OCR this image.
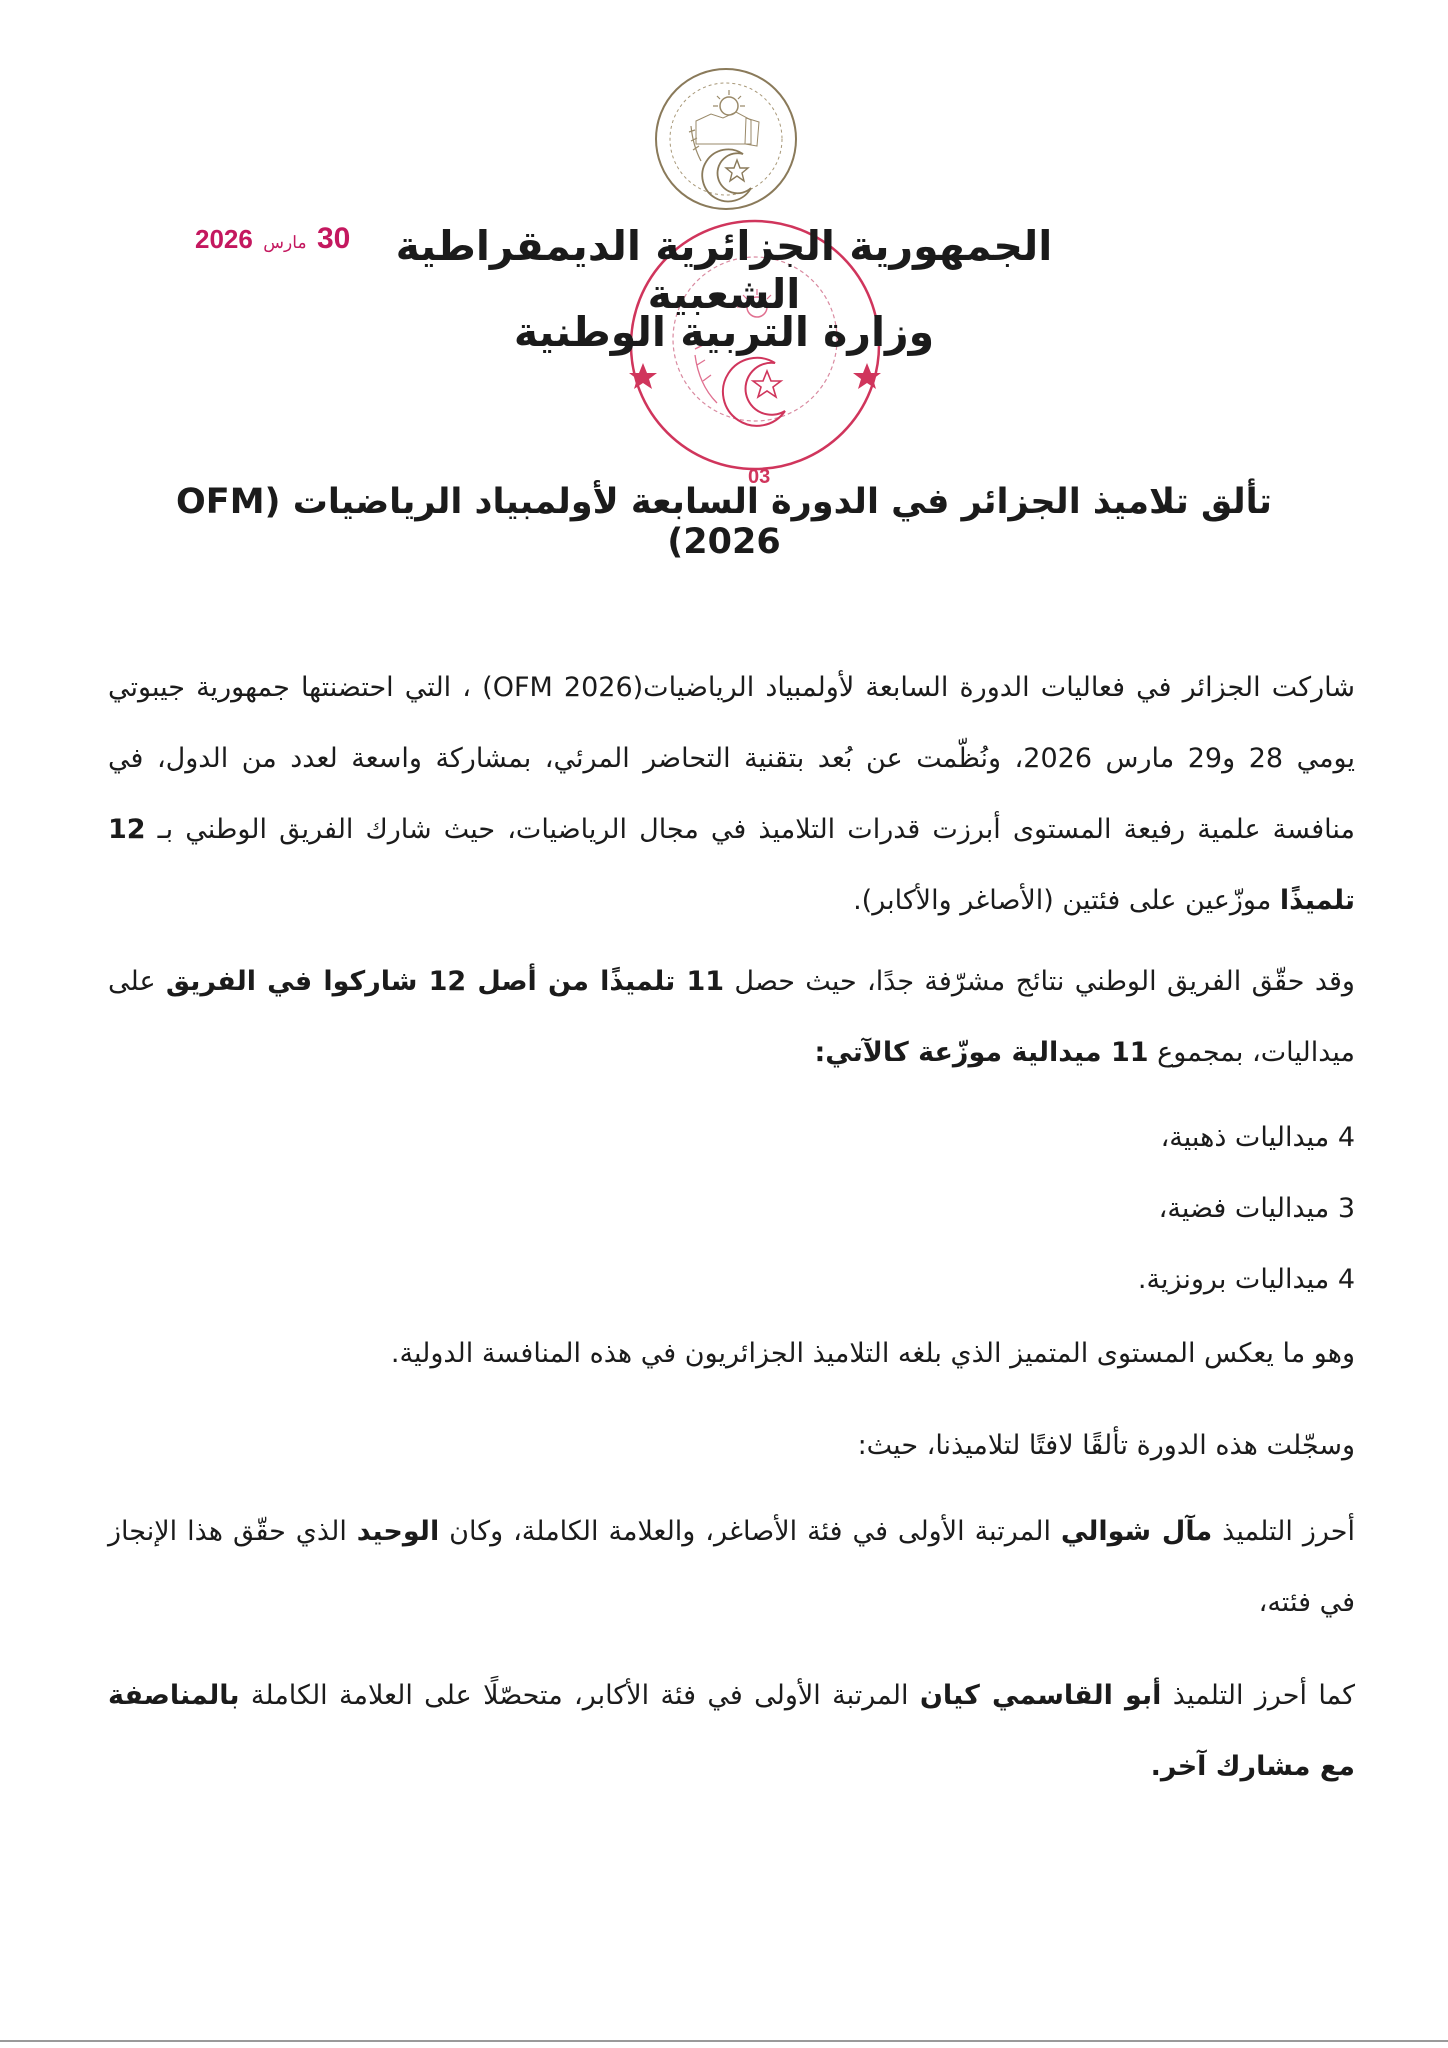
30 مارس 2026
03
الجمهورية الجزائرية الديمقراطية الشعبية
وزارة التربية الوطنية
تألق تلاميذ الجزائر في الدورة السابعة لأولمبياد الرياضيات (OFM 2026)
شاركت الجزائر في فعاليات الدورة السابعة لأولمبياد الرياضيات(OFM 2026) ، التي احتضنتها جمهورية جيبوتي يومي 28 و29 مارس 2026، ونُظّمت عن بُعد بتقنية التحاضر المرئي، بمشاركة واسعة لعدد من الدول، في منافسة علمية رفيعة المستوى أبرزت قدرات التلاميذ في مجال الرياضيات، حيث شارك الفريق الوطني بـ 12 تلميذًا موزّعين على فئتين (الأصاغر والأكابر).
وقد حقّق الفريق الوطني نتائج مشرّفة جدًا، حيث حصل 11 تلميذًا من أصل 12 شاركوا في الفريق على ميداليات، بمجموع 11 ميدالية موزّعة كالآتي:
4 ميداليات ذهبية،
3 ميداليات فضية،
4 ميداليات برونزية.
وهو ما يعكس المستوى المتميز الذي بلغه التلاميذ الجزائريون في هذه المنافسة الدولية.
وسجّلت هذه الدورة تألقًا لافتًا لتلاميذنا، حيث:
أحرز التلميذ مآل شوالي المرتبة الأولى في فئة الأصاغر، والعلامة الكاملة، وكان الوحيد الذي حقّق هذا الإنجاز في فئته،
كما أحرز التلميذ أبو القاسمي كيان المرتبة الأولى في فئة الأكابر، متحصّلًا على العلامة الكاملة بالمناصفة مع مشارك آخر.
